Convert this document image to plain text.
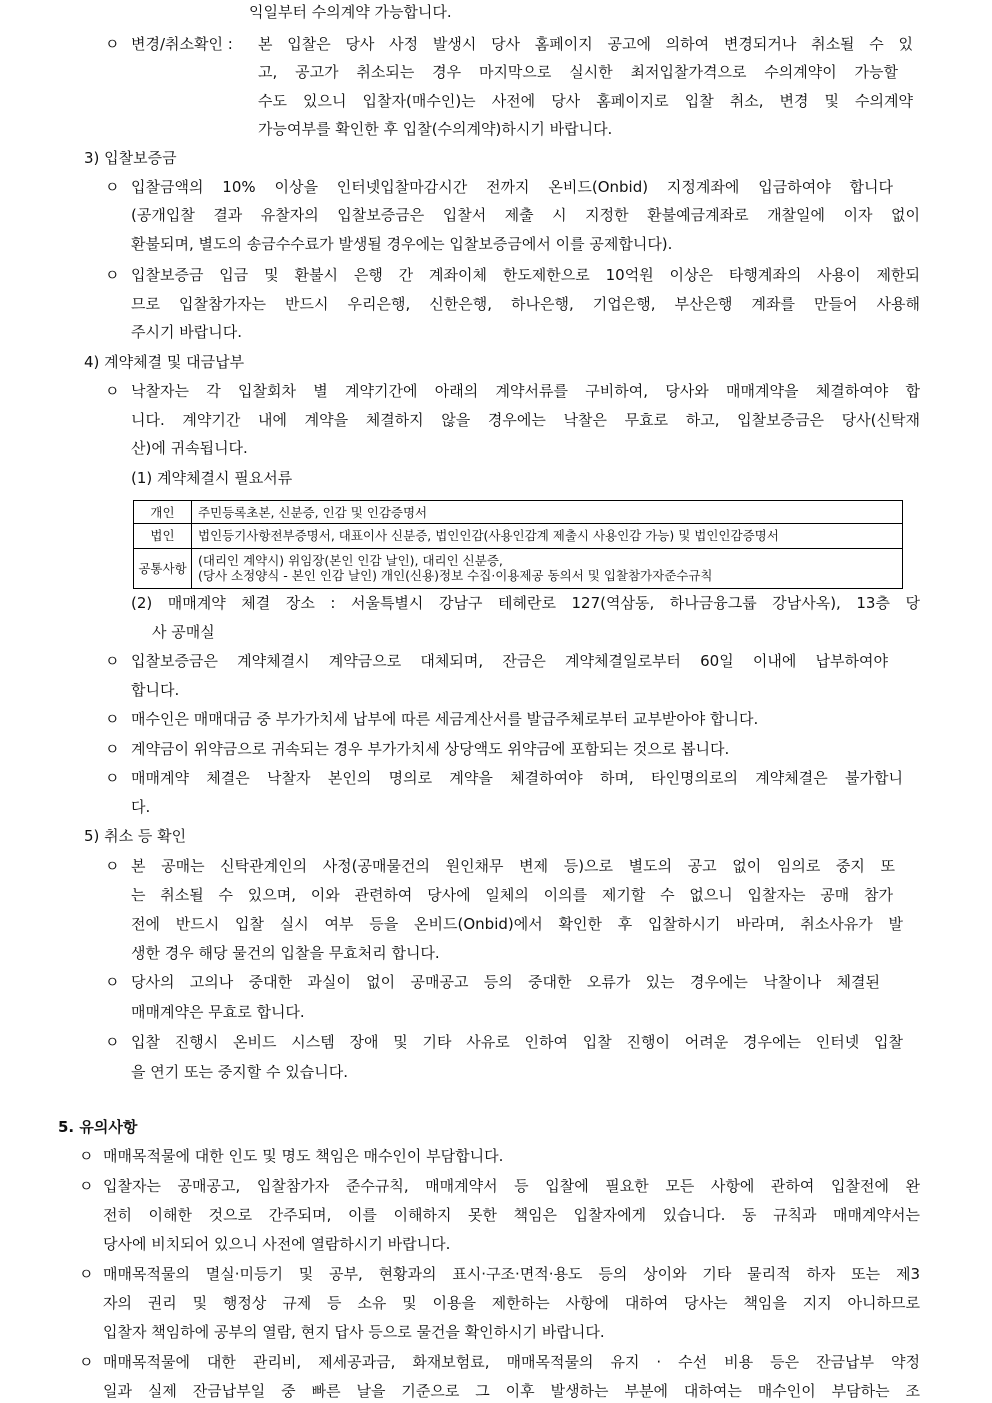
익일부터 수의계약 가능합니다.
ㅇ 변경/취소확인 : 본 입찰은 당사 사정 발생시 당사 홈페이지 공고에 의하여 변경되거나 취소될 수 있
고, 공고가 취소되는 경우 마지막으로 실시한 최저입찰가격으로 수의계약이 가능할
수도 있으니 입찰자(매수인)는 사전에 당사 홈페이지로 입찰 취소, 변경 및 수의계약
가능여부를 확인한 후 입찰(수의계약)하시기 바랍니다.
3) 입찰보증금
ㅇ 입찰금액의 10% 이상을 인터넷입찰마감시간 전까지 온비드(Onbid) 지정계좌에 입금하여야 합니다
(공개입찰 결과 유찰자의 입찰보증금은 입찰서 제출 시 지정한 환불예금계좌로 개찰일에 이자 없이
환불되며, 별도의 송금수수료가 발생될 경우에는 입찰보증금에서 이를 공제합니다).
ㅇ 입찰보증금 입금 및 환불시 은행 간 계좌이체 한도제한으로 10억원 이상은 타행계좌의 사용이 제한되
므로 입찰참가자는 반드시 우리은행, 신한은행, 하나은행, 기업은행, 부산은행 계좌를 만들어 사용해
주시기 바랍니다.
4) 계약체결 및 대금납부
ㅇ 낙찰자는 각 입찰회차 별 계약기간에 아래의 계약서류를 구비하여, 당사와 매매계약을 체결하여야 합
니다. 계약기간 내에 계약을 체결하지 않을 경우에는 낙찰은 무효로 하고, 입찰보증금은 당사(신탁재
산)에 귀속됩니다.
(1) 계약체결시 필요서류
개인	주민등록초본, 신분증, 인감 및 인감증명서
법인	법인등기사항전부증명서, 대표이사 신분증, 법인인감(사용인감계 제출시 사용인감 가능) 및 법인인감증명서
공통사항	(대리인 계약시) 위임장(본인 인감 날인), 대리인 신분증,
(당사 소정양식 - 본인 인감 날인) 개인(신용)정보 수집·이용제공 동의서 및 입찰참가자준수규칙
(2) 매매계약 체결 장소 : 서울특별시 강남구 테헤란로 127(역삼동, 하나금융그룹 강남사옥), 13층 당
사 공매실
ㅇ 입찰보증금은 계약체결시 계약금으로 대체되며, 잔금은 계약체결일로부터 60일 이내에 납부하여야
합니다.
ㅇ 매수인은 매매대금 중 부가가치세 납부에 따른 세금계산서를 발급주체로부터 교부받아야 합니다.
ㅇ 계약금이 위약금으로 귀속되는 경우 부가가치세 상당액도 위약금에 포함되는 것으로 봅니다.
ㅇ 매매계약 체결은 낙찰자 본인의 명의로 계약을 체결하여야 하며, 타인명의로의 계약체결은 불가합니
다.
5) 취소 등 확인
ㅇ 본 공매는 신탁관계인의 사정(공매물건의 원인채무 변제 등)으로 별도의 공고 없이 임의로 중지 또
는 취소될 수 있으며, 이와 관련하여 당사에 일체의 이의를 제기할 수 없으니 입찰자는 공매 참가
전에 반드시 입찰 실시 여부 등을 온비드(Onbid)에서 확인한 후 입찰하시기 바라며, 취소사유가 발
생한 경우 해당 물건의 입찰을 무효처리 합니다.
ㅇ 당사의 고의나 중대한 과실이 없이 공매공고 등의 중대한 오류가 있는 경우에는 낙찰이나 체결된
매매계약은 무효로 합니다.
ㅇ 입찰 진행시 온비드 시스템 장애 및 기타 사유로 인하여 입찰 진행이 어려운 경우에는 인터넷 입찰
을 연기 또는 중지할 수 있습니다.
5. 유의사항
ㅇ 매매목적물에 대한 인도 및 명도 책임은 매수인이 부담합니다.
ㅇ 입찰자는 공매공고, 입찰참가자 준수규칙, 매매계약서 등 입찰에 필요한 모든 사항에 관하여 입찰전에 완
전히 이해한 것으로 간주되며, 이를 이해하지 못한 책임은 입찰자에게 있습니다. 동 규칙과 매매계약서는
당사에 비치되어 있으니 사전에 열람하시기 바랍니다.
ㅇ 매매목적물의 멸실·미등기 및 공부, 현황과의 표시·구조·면적·용도 등의 상이와 기타 물리적 하자 또는 제3
자의 권리 및 행정상 규제 등 소유 및 이용을 제한하는 사항에 대하여 당사는 책임을 지지 아니하므로
입찰자 책임하에 공부의 열람, 현지 답사 등으로 물건을 확인하시기 바랍니다.
ㅇ 매매목적물에 대한 관리비, 제세공과금, 화재보험료, 매매목적물의 유지 · 수선 비용 등은 잔금납부 약정
일과 실제 잔금납부일 중 빠른 날을 기준으로 그 이후 발생하는 부분에 대하여는 매수인이 부담하는 조
